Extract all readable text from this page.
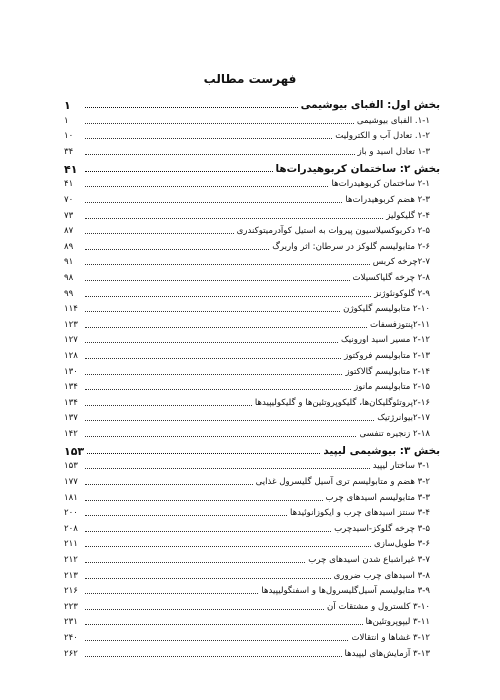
فهرست مطالب
بخش اول: الفبای بیوشیمی
۱
۱-۱. الفبای بیوشیمی
۱
۱-۲. تعادل آب و الکترولیت
۱۰
۱-۳ تعادل اسید و باز
۳۴
بخش ۲: ساختمان کربوهیدرات‌ها
۴۱
۲-۱ ساختمان کربوهیدرات‌ها
۴۱
۲-۳ هضم کربوهیدرات‌ها
۷۰
۲-۴ گلیکولیز
۷۳
۲-۵ دکربوکسیلاسیون پیروات به استیل کوآدرمیتوکندری
۸۷
۲-۶ متابولیسم گلوکز در سرطان: اثر واربرگ
۸۹
۲-۷چرخه کربس
۹۱
۲-۸ چرخه گلیاکسیلات
۹۸
۲-۹ گلوکونئوژنز
۹۹
۲-۱۰ متابولیسم گلیکوژن
۱۱۴
۲-۱۱پنتوزفسفات
۱۲۳
۲-۱۲ مسیر اسید اورونیک
۱۲۷
۲-۱۳ متابولیسم فروکتوز
۱۲۸
۲-۱۴ متابولیسم گالاکتوز
۱۳۰
۲-۱۵ متابولیسم مانوز
۱۳۴
۲-۱۶پروتئوگلیکان‌ها، گلیکوپروتئین‌ها و گلیکولیپیدها
۱۳۴
۲-۱۷بیوانرژتیک
۱۳۷
۲-۱۸ زنجیره تنفسی
۱۴۲
بخش ۳: بیوشیمی لیپید
۱۵۳
۳-۱ ساختار لیپید
۱۵۳
۳-۲ هضم و متابولیسم تری آسیل گلیسرول غذایی
۱۷۷
۳-۳ متابولیسم اسیدهای چرب
۱۸۱
۳-۴ سنتز اسیدهای چرب و ایکوزانوئیدها
۲۰۰
۳-۵ چرخه گلوکز-اسیدچرب
۲۰۸
۳-۶ طویل‌سازی
۲۱۱
۳-۷ غیراشباع شدن اسیدهای چرب
۲۱۲
۳-۸ اسیدهای چرب ضروری
۲۱۳
۳-۹ متابولیسم آسیل‌گلیسرول‌ها و اسفنگولیپیدها
۲۱۶
۳-۱۰ کلسترول و مشتقات آن
۲۲۳
۳-۱۱ لیپوپروتئین‌ها
۲۳۱
۳-۱۲ غشاها و انتقالات
۲۴۰
۳-۱۳ آزمایش‌های لیپیدها
۲۶۲
